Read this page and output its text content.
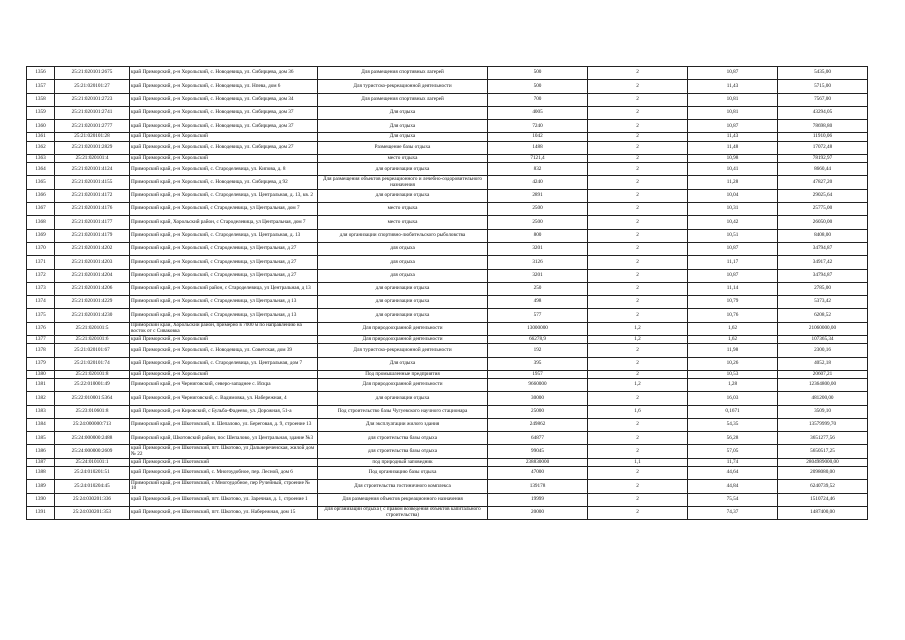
1356	25:21:020101:2675	край Приморский, р-н Хорольский, с. Новодевица, ул. Сибирцева, дом 36	Для размещения спортивных лагерей	500	2	10,87	5435,00
1357	25:21:020101:27	край Приморский, р-н Хорольский, с. Новодевица, ул. Нпева, дом 6	Для туристско-рекреационной деятельности	500	2	11,43	5715,00
1358	25:21:020101:2723	край Приморский, р-н Хорольский, с. Новодевица, ул. Сибирцева, дом 34	Для размещения спортивных лагерей	700	2	10,81	7567,00
1359	25:21:020101:2741	край Приморский, р-н Хорольский, с. Новодевица, ул. Сибирцева, дом 37	Для отдыха	4005	2	10,81	43294,05
1360	25:21:020101:2777	край Приморский, р-н Хорольский, с. Новодевица, ул. Сибирцева, дом 37	Для отдыха	7240	2	10,87	78698,80
1361	25:21:020101:28	край Приморский, р-н Хорольский	Для отдыха	1042	2	11,43	11910,06
1362	25:21:020101:2829	край Приморский, р-н Хорольский, с. Новодевица, ул. Сибирцева, дом 27	Размещение базы отдыха	1488	2	11,48	17072,48
1363	25:21:020101:4	край Приморский, р-н Хорольский	место отдыха	7121,4	2	10,98	78192,97
1364	25:21:020101:4124	Приморский край, р-н Хорольский, с. Староделевица, ул. Кипова, д. 8	для организации отдыха	832	2	10,41	8660,44
1365	25:21:020101:4155	Приморский край, р-н Хорольский, с. Новодевица, ул. Сибирцева, д 92	Для размещения объектов рекреационного и лечебно-оздоровительного назначения	4240	2	11,28	47827,20
1366	25:21:020101:4172	Приморский край, р-н Хорольский, с. Староделевица, ул. Центральная, д. 13, кв. 2	для организации отдыха	2891	2	10,04	29025,64
1367	25:21:020101:4176	Приморский край, р-н Хорольский, с Староделевица, ул Центральная, дом 7	место отдыха	2500	2	10,31	25775,00
1368	25:21:020101:4177	Приморский край, Хорольский район, с Староделевица, ул Центральная, дом 7	место отдыха	2500	2	10,42	26050,00
1369	25:21:020101:4179	Приморский край, р-н Хорольский, с. Староделевица, ул. Центральная, д. 13	для организации спортивно-любительского рыболовства	800	2	10,51	8408,00
1370	25:21:020101:4202	Приморский край, р-н Хорольский, с Староделевица, ул Центральная, д 27	для отдыха	3201	2	10,87	34794,87
1371	25:21:020101:4203	Приморский край, р-н Хорольский, с Староделевица, ул Центральная, д 27	для отдыха	3126	2	11,17	34917,42
1372	25:21:020101:4204	Приморский край, р-н Хорольский, с Староделевица, ул Центральная, д 27	для отдыха	3201	2	10,87	34794,87
1373	25:21:020101:4206	Приморский край, р-н Хорольский район, с Староделевица, ул Центральная, д 13	для организации отдыха	250	2	11,14	2785,00
1374	25:21:020101:4229	Приморский край, р-н Хорольский, с Староделевица, ул Центральная, д 13	для организации отдыха	498	2	10,79	5373,42
1375	25:21:020101:4230	Приморский край, р-н Хорольский, с Староделевица, ул Центральная, д 13	для организации отдыха	577	2	10,76	6208,52
1376	25:21:020101:5	Приморский край, Хорольский район, примерно в 7000 м по направлению на восток от с Сиваковка	Для природоохранной деятельности	13000000	1,2	1,62	21060000,00
1377	25:21:020101:6	край Приморский, р-н Хорольский	Для природоохранной деятельности	66278,9	1,2	1,62	107365,34
1378	25:21:020101:67	край Приморский, р-н Хорольский, с. Новодевица, ул. Советская, дом 39	Для туристско-рекреационной деятельности	192	2	11,98	2300,16
1379	25:21:020101:74	край Приморский, р-н Хорольский, с. Староделевица, ул. Центральная, дом 7	Для отдыха	395	2	10,26	4052,18
1380	25:21:020101:8	край Приморский, р-н Хорольский	Под промышленные предприятия	1957	2	10,53	20607,21
1381	25:22:010001:49	Приморский край, р-н Черниговский, северо-западнее с. Искра	Для природоохранной деятельности	9660000	1,2	1,28	12364800,00
1382	25:22:010001:5364	край Приморский, р-н Черниговский, с. Вадимовка, ул. Набережная, 4	для организации отдыха	30000	2	16,03	481200,00
1383	25:23:010601:8	край Приморский, р-н Кировский, с Бульба-Фадеево, ул. Дорожная, 51-а	Под строительство базы Чугуевского научного стационара	25000	1,6	0,1671	3509,10
1384	25:24:000000:713	Приморский край, р-н Шкотовский, п. Шепалово, ул. Береговая, д. 9, строение 13	Для эксплуатации жилого здания	249862	2	54,35	13579999,70
1385	25:24:000000:2488	Приморский край, Шкотовский район, пос Шепалово, ул Центральная, здание №3	для строительства базы отдыха	64877	2	56,28	3651277,56
1386	25:24:000000:2609	край Приморский, р-н Шкотовский, пгт. Шкотово, ул Дальнереченская, жилой дом № 22	для строительства базы отдыха	99045	2	57,05	5650517,25
1387	25:24:010101:1	край Приморский, р-н Шкотовский	под природный заповедник	238830000	1,1	11,74	2804989000,00
1388	25:24:010201:51	край Приморский, р-н Шкотовский, с. Многоудобное, пер. Лесной, дом 6	Под организацию базы отдыха	47000	2	44,64	2098080,00
1389	25:24:010204:45	Приморский край, р-н Шкотовский, с Многоудобное, пер Ручейный, строение № 10	Для строительства гостиничного комплекса	139178	2	44,84	6240739,52
1390	25:24:030201:336	край Приморский, р-н Шкотовский, пгт. Шкотово, ул. Заречная, д. 1, строение 1	Для размещения объектов рекреационного назначения	19999	2	75,54	1510724,46
1391	25:24:030201:353	край Приморский, р-н Шкотовский, пгт. Шкотово, ул. Набережная, дом 15	Для организации отдыха ( с правом возведения объектов капитального строительства)	20000	2	74,37	1487400,00
